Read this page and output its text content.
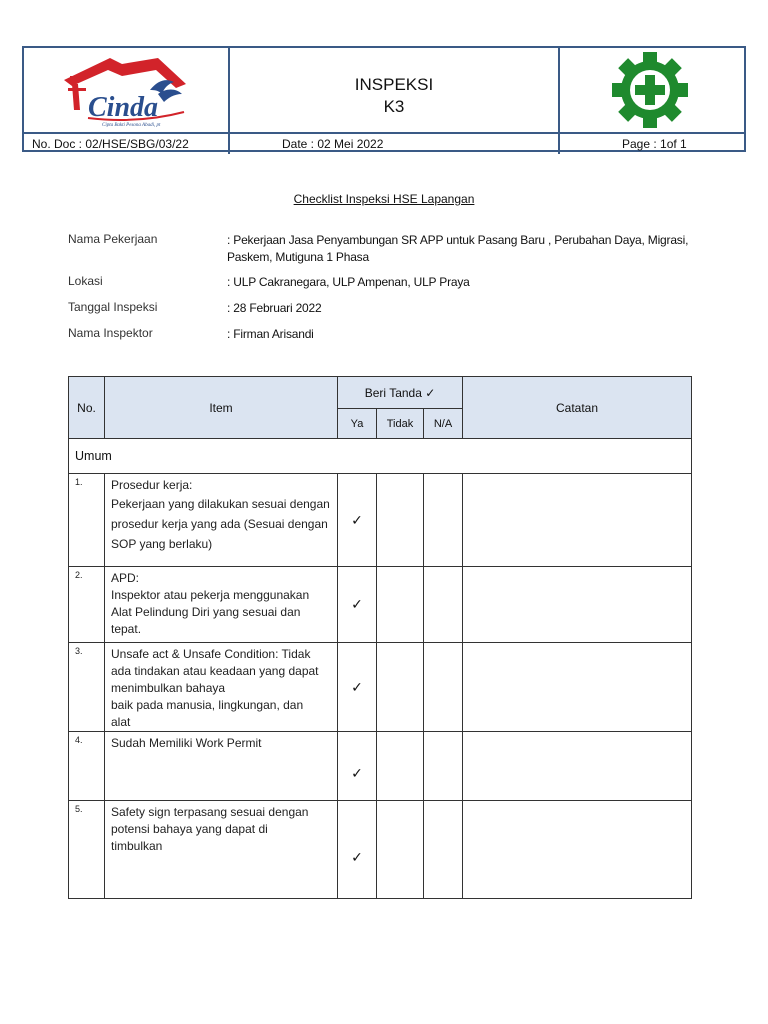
Cinda
Cipta Bakti Pesona Abadi, pt
INSPEKSI
K3
No. Doc : 02/HSE/SBG/03/22	Date : 02 Mei 2022	Page : 1of 1
Checklist Inspeksi HSE Lapangan
Nama Pekerjaan	: Pekerjaan Jasa Penyambungan SR APP untuk Pasang Baru , Perubahan Daya, Migrasi, Paskem, Mutiguna 1 Phasa
Lokasi	: ULP Cakranegara, ULP Ampenan, ULP Praya
Tanggal Inspeksi	: 28 Februari 2022
Nama Inspektor	: Firman Arisandi
No.	Item	Beri Tanda ✓			Catatan
		Ya	Tidak	N/A	
Umum					
1.	Prosedur kerja:
Pekerjaan yang dilakukan sesuai dengan
prosedur kerja yang ada (Sesuai dengan
SOP yang berlaku)	✓			
2.	APD:
Inspektor atau pekerja menggunakan
Alat Pelindung Diri yang sesuai dan
tepat.	✓			
3.	Unsafe act & Unsafe Condition: Tidak
ada tindakan atau keadaan yang dapat
menimbulkan bahaya
baik pada manusia, lingkungan, dan
alat	✓			
4.	Sudah Memiliki Work Permit	✓			
5.	Safety sign terpasang sesuai dengan
potensi bahaya yang dapat di
timbulkan	✓			
